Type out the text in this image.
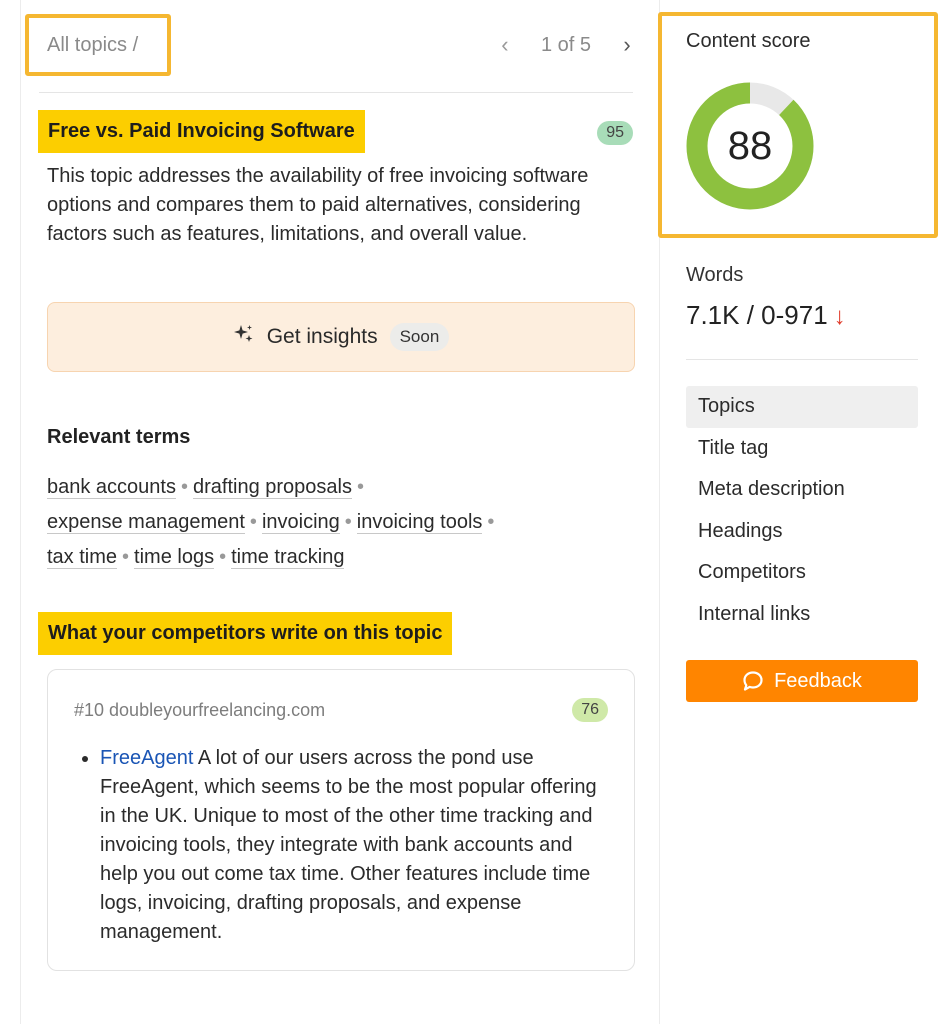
All topics /	‹	1 of 5 ›
Free vs. Paid Invoicing Software	95

This topic addresses the availability of free invoicing software options and compares them to paid alternatives, considering factors such as features, limitations, and overall value.

Get insights	Soon
Relevant terms
bank accounts • drafting proposals •
expense management • invoicing • invoicing tools •
tax time • time logs • time tracking
What your competitors write on this topic
#10 doubleyourfreelancing.com	76
• FreeAgent A lot of our users across the pond use FreeAgent, which seems to be the most popular offering in the UK. Unique to most of the other time tracking and invoicing tools, they integrate with bank accounts and help you out come tax time. Other features include time logs, invoicing, drafting proposals, and expense management.
Content score
88
Words
7.1K / 0-971 ↓
Topics
Title tag
Meta description
Headings
Competitors
Internal links
Feedback
